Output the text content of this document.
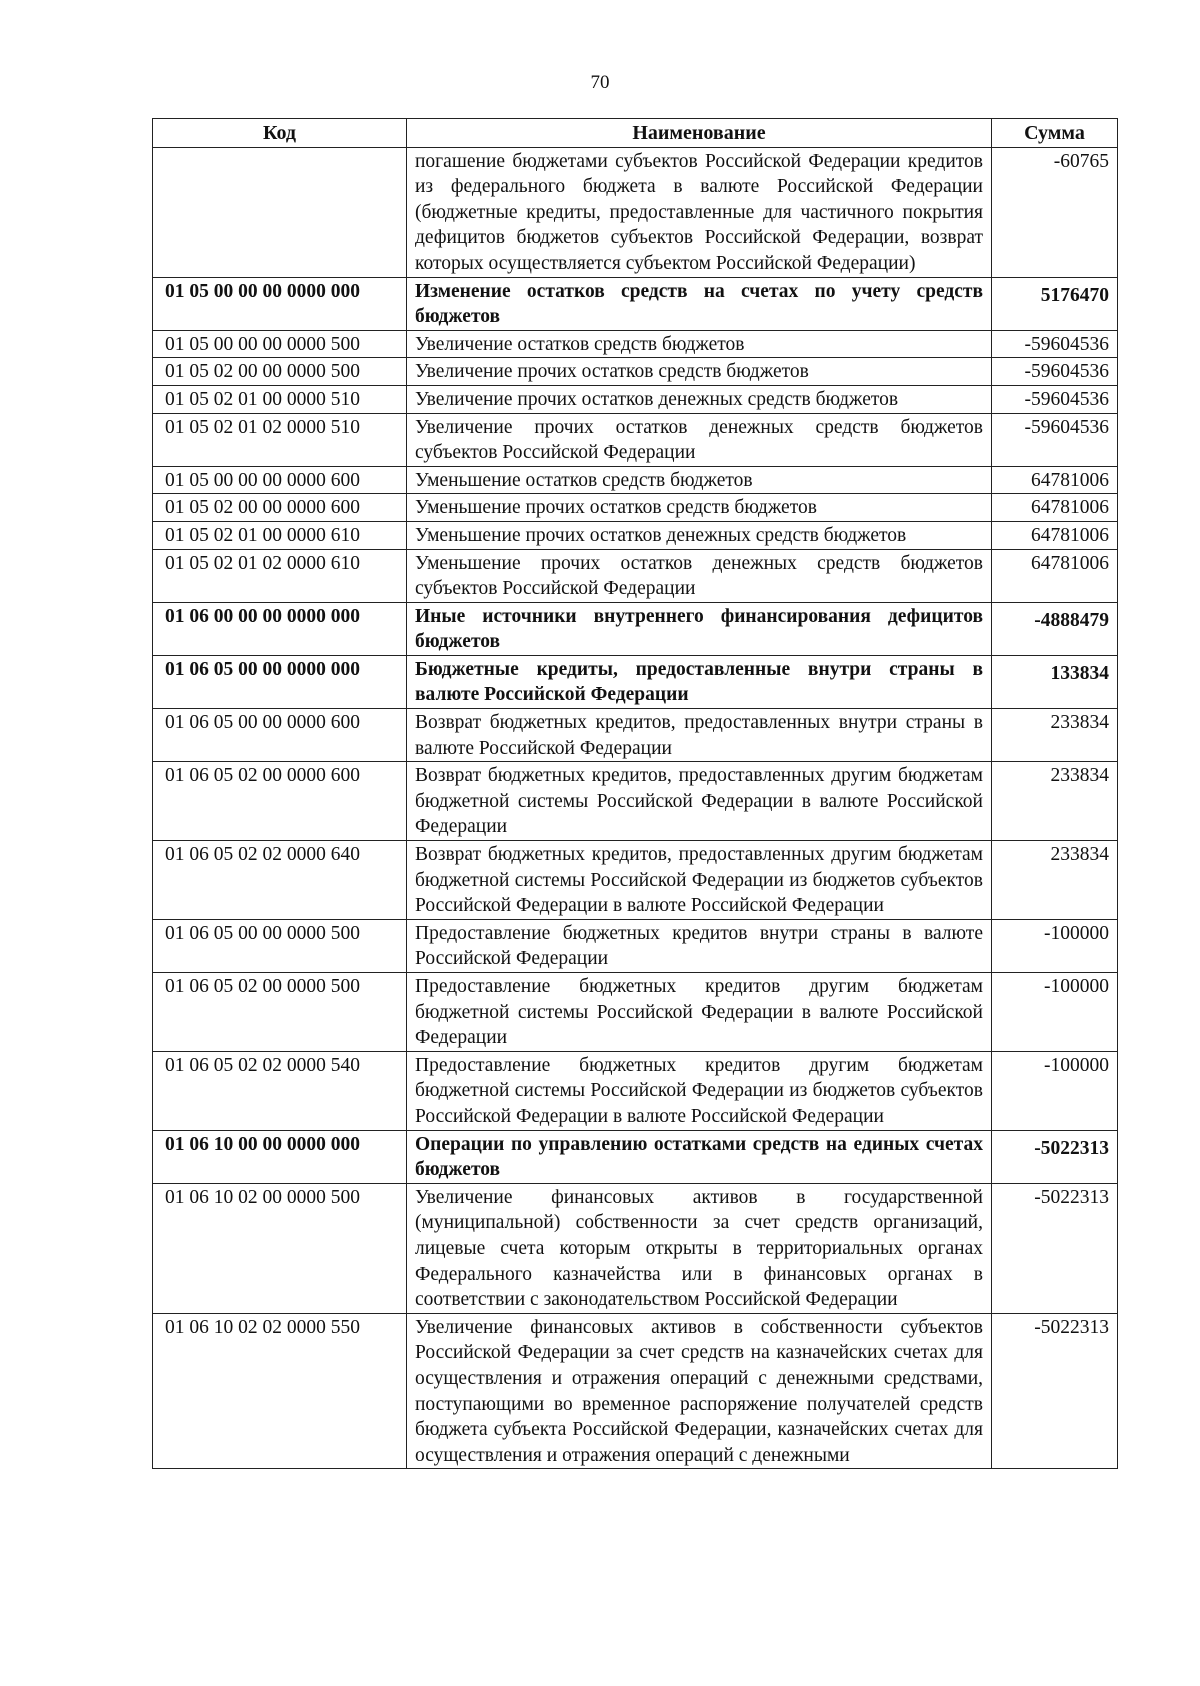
70
Код	Наименование	Сумма
	погашение бюджетами субъектов Российской Федерации кредитов из федерального бюджета в валюте Российской Федерации (бюджетные кредиты, предоставленные для частичного покрытия дефицитов бюджетов субъектов Российской Федерации, возврат которых осуществляется субъектом Российской Федерации)	-60765
01 05 00 00 00 0000 000	Изменение остатков средств на счетах по учету средств бюджетов	5176470
01 05 00 00 00 0000 500	Увеличение остатков средств бюджетов	-59604536
01 05 02 00 00 0000 500	Увеличение прочих остатков средств бюджетов	-59604536
01 05 02 01 00 0000 510	Увеличение прочих остатков денежных средств бюджетов	-59604536
01 05 02 01 02 0000 510	Увеличение прочих остатков денежных средств бюджетов субъектов Российской Федерации	-59604536
01 05 00 00 00 0000 600	Уменьшение остатков средств бюджетов	64781006
01 05 02 00 00 0000 600	Уменьшение прочих остатков средств бюджетов	64781006
01 05 02 01 00 0000 610	Уменьшение прочих остатков денежных средств бюджетов	64781006
01 05 02 01 02 0000 610	Уменьшение прочих остатков денежных средств бюджетов субъектов Российской Федерации	64781006
01 06 00 00 00 0000 000	Иные источники внутреннего финансирования дефицитов бюджетов	-4888479
01 06 05 00 00 0000 000	Бюджетные кредиты, предоставленные внутри страны в валюте Российской Федерации	133834
01 06 05 00 00 0000 600	Возврат бюджетных кредитов, предоставленных внутри страны в валюте Российской Федерации	233834
01 06 05 02 00 0000 600	Возврат бюджетных кредитов, предоставленных другим бюджетам бюджетной системы Российской Федерации в валюте Российской Федерации	233834
01 06 05 02 02 0000 640	Возврат бюджетных кредитов, предоставленных другим бюджетам бюджетной системы Российской Федерации из бюджетов субъектов Российской Федерации в валюте Российской Федерации	233834
01 06 05 00 00 0000 500	Предоставление бюджетных кредитов внутри страны в валюте Российской Федерации	-100000
01 06 05 02 00 0000 500	Предоставление бюджетных кредитов другим бюджетам бюджетной системы Российской Федерации в валюте Российской Федерации	-100000
01 06 05 02 02 0000 540	Предоставление бюджетных кредитов другим бюджетам бюджетной системы Российской Федерации из бюджетов субъектов Российской Федерации в валюте Российской Федерации	-100000
01 06 10 00 00 0000 000	Операции по управлению остатками средств на единых счетах бюджетов	-5022313
01 06 10 02 00 0000 500	Увеличение финансовых активов в государственной (муниципальной) собственности за счет средств организаций, лицевые счета которым открыты в территориальных органах Федерального казначейства или в финансовых органах в соответствии с законодательством Российской Федерации	-5022313
01 06 10 02 02 0000 550	Увеличение финансовых активов в собственности субъектов Российской Федерации за счет средств на казначейских счетах для осуществления и отражения операций с денежными средствами, поступающими во временное распоряжение получателей средств бюджета субъекта Российской Федерации, казначейских счетах для осуществления и отражения операций с денежными	-5022313
